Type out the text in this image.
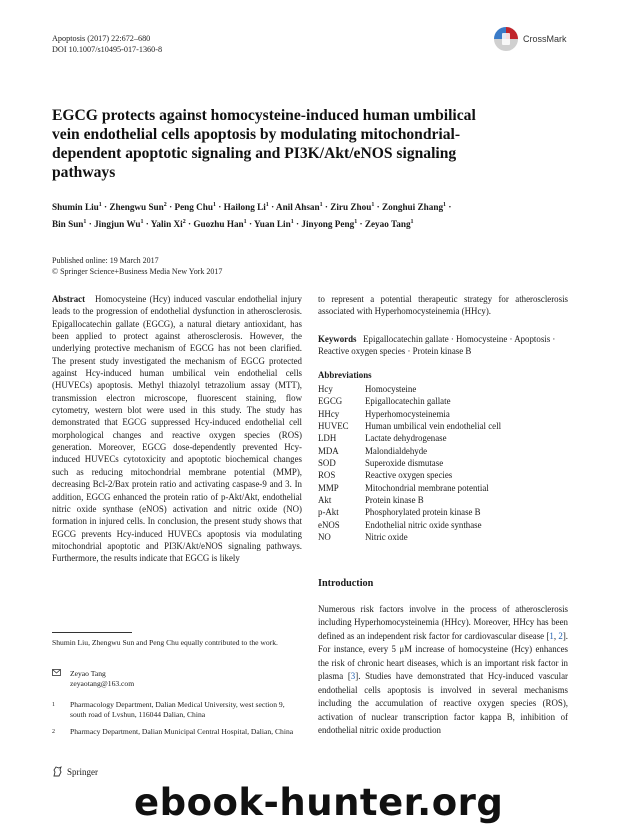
Apoptosis (2017) 22:672–680
DOI 10.1007/s10495-017-1360-8
CrossMark
EGCG protects against homocysteine-induced human umbilical vein endothelial cells apoptosis by modulating mitochondrial-dependent apoptotic signaling and PI3K/Akt/eNOS signaling pathways
Shumin Liu$^1$ · Zhengwu Sun$^2$ · Peng Chu$^1$ · Hailong $Li^1$ · Anil Ahsan$^1$ · Ziru Zhou$^1$ · Zonghui Zhang$^1$ · Bin Sun$^1$ · Jingjun $Wu^1$ · Yalin $Xi^2$ · Guozhu Han$^1$ · Yuan Lin$^1$ · Jinyong Peng$^1$ · Zeyao Tang$^1$
Published online: 19 March 2017
© Springer Science+Business Media New York 2017
Abstract Homocysteine (Hcy) induced vascular endothelial injury leads to the progression of endothelial dysfunction in atherosclerosis. Epigallocatechin gallate (EGCG), a natural dietary antioxidant, has been applied to protect against atherosclerosis. However, the underlying protective mechanism of EGCG has not been clarified. The present study investigated the mechanism of EGCG protected against Hcy-induced human umbilical vein endothelial cells (HUVECs) apoptosis. Methyl thiazolyl tetrazolium assay (MTT), transmission electron microscope, fluorescent staining, flow cytometry, western blot were used in this study. The study has demonstrated that EGCG suppressed Hcy-induced endothelial cell morphological changes and reactive oxygen species (ROS) generation. Moreover, EGCG dose-dependently prevented Hcy-induced HUVECs cytotoxicity and apoptotic biochemical changes such as reducing mitochondrial membrane potential (MMP), decreasing Bcl-2/Bax protein ratio and activating caspase-9 and 3. In addition, EGCG enhanced the protein ratio of p-Akt/Akt, endothelial nitric oxide synthase (eNOS) activation and nitric oxide (NO) formation in injured cells. In conclusion, the present study shows that EGCG prevents Hcy-induced HUVECs apoptosis via modulating mitochondrial apoptotic and PI3K/Akt/eNOS signaling pathways. Furthermore, the results indicate that EGCG is likely
to represent a potential therapeutic strategy for atherosclerosis associated with Hyperhomocysteinemia (HHcy).
Keywords Epigallocatechin gallate · Homocysteine · Apoptosis · Reactive oxygen species · Protein kinase B
Abbreviations
Hcy	Homocysteine
EGCG	Epigallocatechin gallate
HHcy	Hyperhomocysteinemia
HUVEC	Human umbilical vein endothelial cell
LDH	Lactate dehydrogenase
MDA	Malondialdehyde
SOD	Superoxide dismutase
ROS	Reactive oxygen species
MMP	Mitochondrial membrane potential
Akt	Protein kinase B
p-Akt	Phosphorylated protein kinase B
eNOS	Endothelial nitric oxide synthase
NO	Nitric oxide
Introduction
Numerous risk factors involve in the process of atherosclerosis including Hyperhomocysteinemia (HHcy). Moreover, HHcy has been defined as an independent risk factor for cardiovascular disease [1, 2]. For instance, every 5 μM increase of homocysteine (Hcy) enhances the risk of chronic heart diseases, which is an important risk factor in plasma [3]. Studies have demonstrated that Hcy-induced vascular endothelial cells apoptosis is involved in several mechanisms including the accumulation of reactive oxygen species (ROS), activation of nuclear transcription factor kappa B, inhibition of endothelial nitric oxide production
Shumin Liu, Zhengwu Sun and Peng Chu equally contributed to the work.
Zeyao Tang
zeyaotang@163.com
1	Pharmacology Department, Dalian Medical University, west section 9, south road of Lvshun, 116044 Dalian, China
2	Pharmacy Department, Dalian Municipal Central Hospital, Dalian, China
Springer
ebook-hunter.org
